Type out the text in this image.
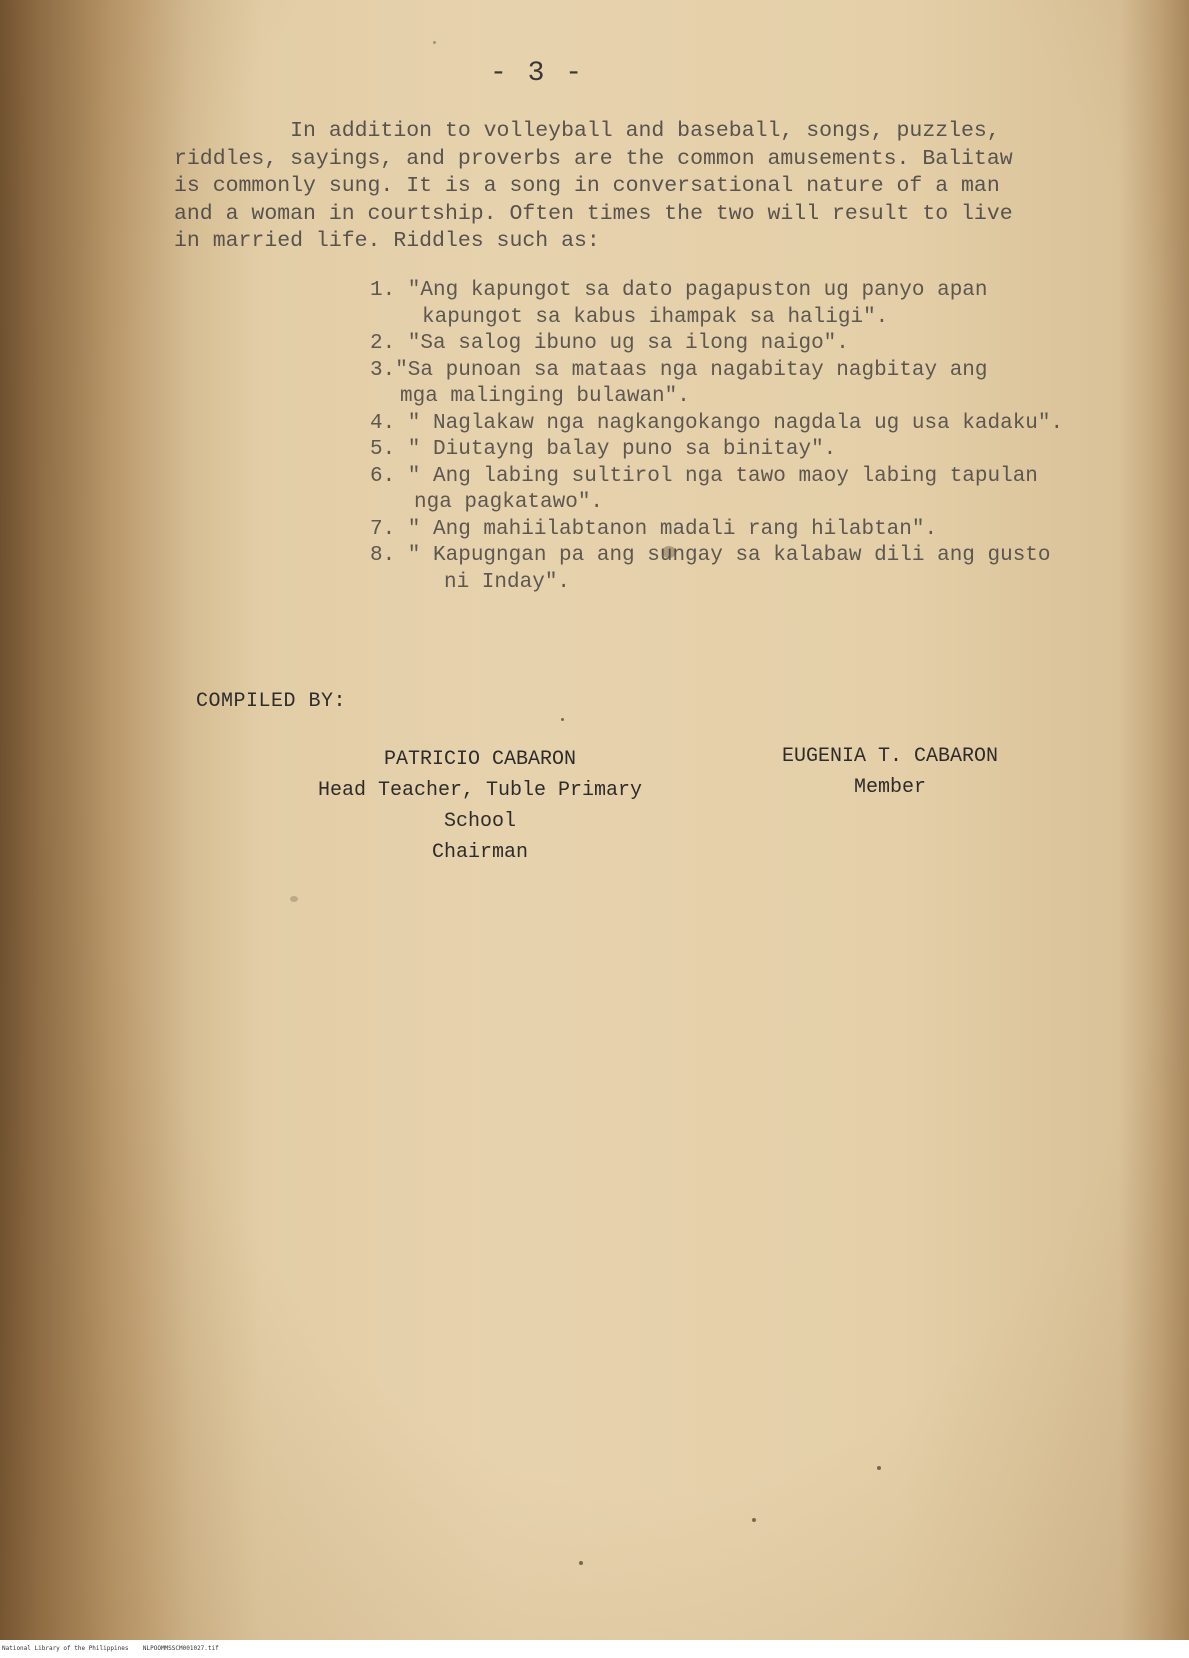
- 3 -
In addition to volleyball and baseball, songs, puzzles,
riddles, sayings, and proverbs are the common amusements. Balitaw
is commonly sung. It is a song in conversational nature of a man
and a woman in courtship. Often times the two will result to live
in married life. Riddles such as:
1. "Ang kapungot sa dato pagapuston ug panyo apan
kapungot sa kabus ihampak sa haligi".
2. "Sa salog ibuno ug sa ilong naigo".
3."Sa punoan sa mataas nga nagabitay nagbitay ang
mga malinging bulawan".
4. " Naglakaw nga nagkangokango nagdala ug usa kadaku".
5. " Diutayng balay puno sa binitay".
6. " Ang labing sultirol nga tawo maoy labing tapulan
nga pagkatawo".
7. " Ang mahiilabtanon madali rang hilabtan".
8. " Kapugngan pa ang sungay sa kalabaw dili ang gusto
ni Inday".
COMPILED BY:
PATRICIO CABARON
Head Teacher, Tuble Primary
School
Chairman
EUGENIA T. CABARON
Member
National Library of the Philippines    NLPOOMMSSCM001027.tif
